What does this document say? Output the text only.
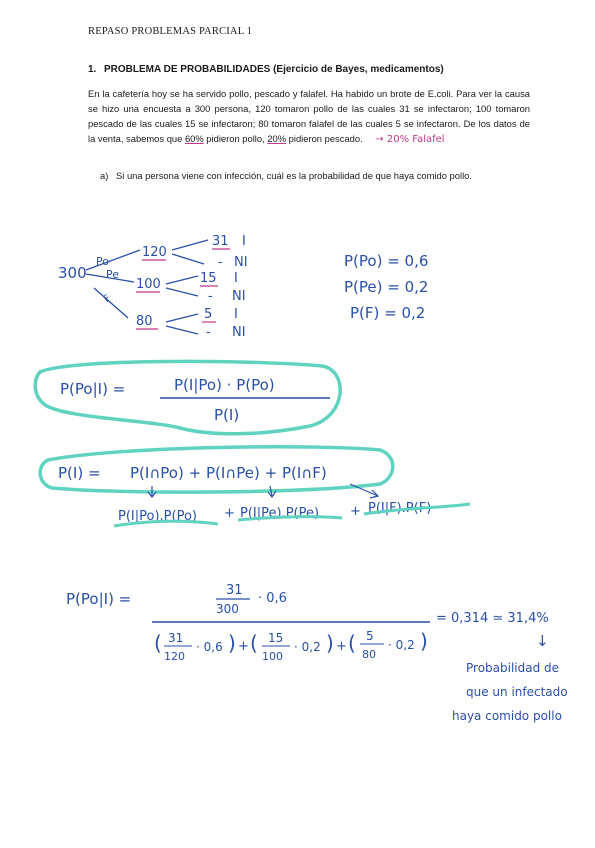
REPASO PROBLEMAS PARCIAL 1
1. PROBLEMA DE PROBABILIDADES (Ejercicio de Bayes, medicamentos)
En la cafetería hoy se ha servido pollo, pescado y falafel. Ha habido un brote de E.coli. Para ver la causa se hizo una encuesta a 300 persona, 120 tomaron pollo de las cuales 31 se infectaron; 100 tomaron pescado de las cuales 15 se infectaron; 80 tomaron falafel de las cuales 5 se infectaron. De los datos de la venta, sabemos que 60% pidieron pollo, 20% pidieron pescado. → 20% Falafel
a) Si una persona viene con infección, cuál es la probabilidad de que haya comido pollo.
300
Po
Pe
F
120
100
80
31 I
- NI
15 I
- NI
5 I
- NI
P(Po) = 0,6
P(Pe) = 0,2
P(F) = 0,2
P(Po|I) =	P(I|Po) · P(Po)
P(I)
P(I) = P(I∩Po) + P(I∩Pe) + P(I∩F)
P(I|Po).P(Po) + P(I|Pe).P(Pe) + P(I|F).P(F)
P(Po|I) =	31
300
· 0,6
( 31
120
· 0,6 ) + ( 15
100
· 0,2 ) + ( 5
80
· 0,2 )
= 0,314 ≃ 31,4%
↓
Probabilidad de
que un infectado
haya comido pollo
